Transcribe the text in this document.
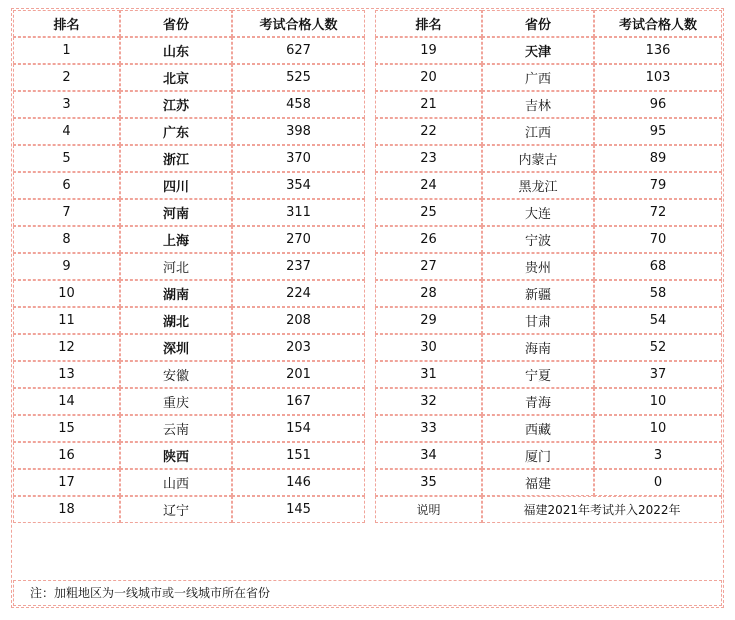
排名	省份	考试合格人数
1	山东	627
2	北京	525
3	江苏	458
4	广东	398
5	浙江	370
6	四川	354
7	河南	311
8	上海	270
9	河北	237
10	湖南	224
11	湖北	208
12	深圳	203
13	安徽	201
14	重庆	167
15	云南	154
16	陕西	151
17	山西	146
18	辽宁	145
排名	省份	考试合格人数
19	天津	136
20	广西	103
21	吉林	96
22	江西	95
23	内蒙古	89
24	黑龙江	79
25	大连	72
26	宁波	70
27	贵州	68
28	新疆	58
29	甘肃	54
30	海南	52
31	宁夏	37
32	青海	10
33	西藏	10
34	厦门	3
35	福建	0
说明	福建2021年考试并入2022年	
注：加粗地区为一线城市或一线城市所在省份
